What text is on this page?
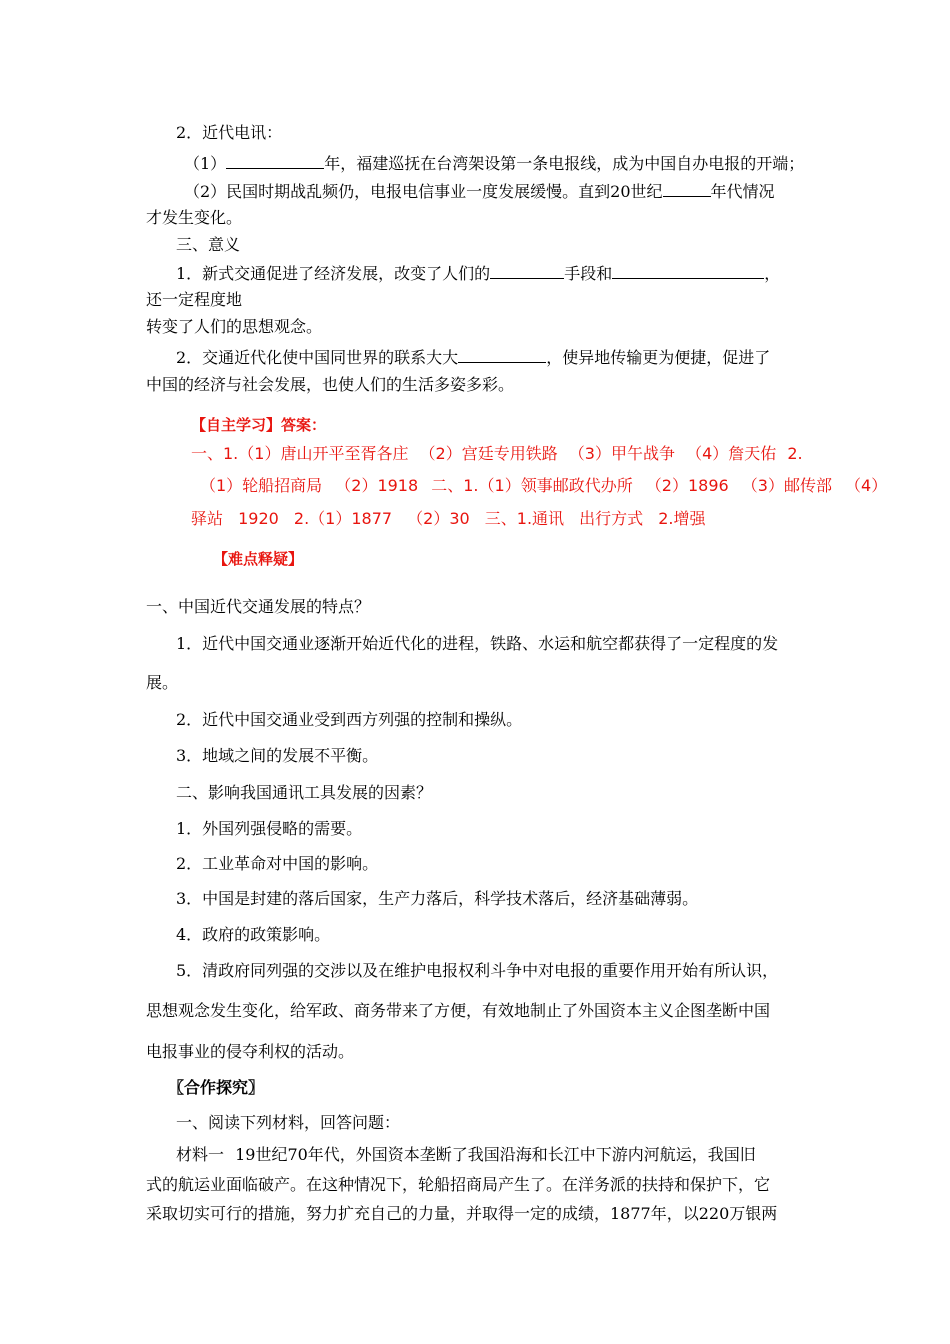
2．近代电讯：
（1）	年，福建巡抚在台湾架设第一条电报线，成为中国自办电报的开端；
（2）民国时期战乱频仍，电报电信事业一度发展缓慢。直到20世纪	年代情况
才发生变化。
三、意义
1．新式交通促进了经济发展，改变了人们的	手段和	，
还一定程度地
转变了人们的思想观念。
2．交通近代化使中国同世界的联系大大	，使异地传输更为便捷，促进了
中国的经济与社会发展，也使人们的生活多姿多彩。
【自主学习】答案：
一、1.（1）唐山开平至胥各庄 （2）宫廷专用铁路 （3）甲午战争 （4）詹天佑 2.
（1）轮船招商局 （2）1918 二、1.（1）领事邮政代办所 （2）1896 （3）邮传部 （4）
驿站 1920 2.（1）1877 （2）30 三、1.通讯 出行方式 2.增强
【难点释疑】
一、中国近代交通发展的特点？
1．近代中国交通业逐渐开始近代化的进程，铁路、水运和航空都获得了一定程度的发
展。
2．近代中国交通业受到西方列强的控制和操纵。
3．地域之间的发展不平衡。
二、影响我国通讯工具发展的因素？
1．外国列强侵略的需要。
2．工业革命对中国的影响。
3．中国是封建的落后国家，生产力落后，科学技术落后，经济基础薄弱。
4．政府的政策影响。
5．清政府同列强的交涉以及在维护电报权利斗争中对电报的重要作用开始有所认识，
思想观念发生变化，给军政、商务带来了方便，有效地制止了外国资本主义企图垄断中国
电报事业的侵夺利权的活动。
〖合作探究〗
一、阅读下列材料，回答问题：
材料一 19世纪70年代，外国资本垄断了我国沿海和长江中下游内河航运，我国旧
式的航运业面临破产。在这种情况下，轮船招商局产生了。在洋务派的扶持和保护下，它
采取切实可行的措施，努力扩充自己的力量，并取得一定的成绩，1877年，以220万银两
